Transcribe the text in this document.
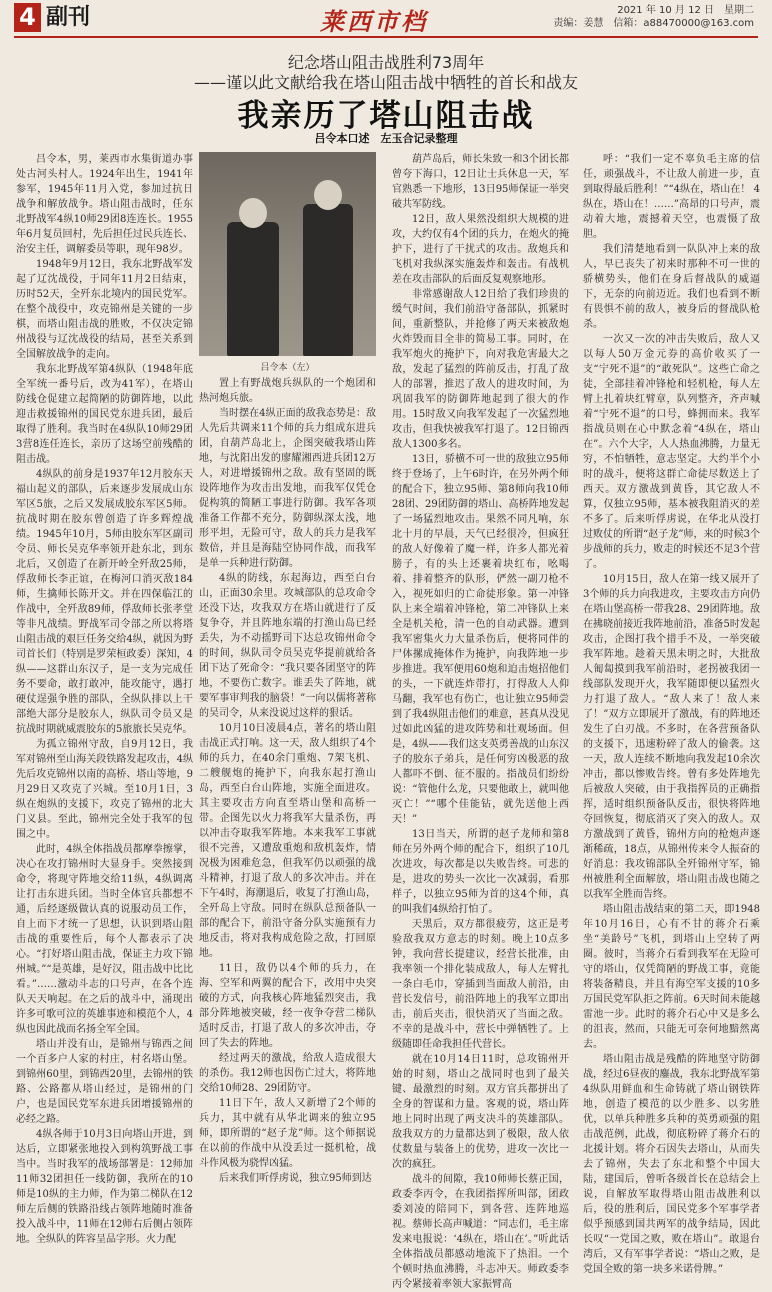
4 副刊	莱西市档	2021 年 10 月 12 日　星期二
责编：姜慧　信箱：a88470000@163.com
纪念塔山阻击战胜利73周年
——谨以此文献给我在塔山阻击战中牺牲的首长和战友
我亲历了塔山阻击战
吕令本口述　左玉合记录整理
吕令本（左）

吕令本，男，莱西市水集街道办事处古河头村人。1924年出生，1941年参军，1945年11月入党，参加过抗日战争和解放战争。塔山阻击战时，任东北野战军4纵10师29团8连连长。1955年6月复员回村，先后担任过民兵连长、治安主任，调解委员等职，现年98岁。

1948年9月12日，我东北野战军发起了辽沈战役，于同年11月2日结束，历时52天，全歼东北境内的国民党军。在整个战役中，攻克锦州是关键的一步棋，而塔山阻击战的胜败，不仅决定锦州战役与辽沈战役的结局，甚至关系到全国解放战争的走向。

我东北野战军第4纵队（1948年底全军统一番号后，改为41军），在塔山防线仓促建立起简陋的防御阵地，以此迎击救援锦州的国民党东进兵团，最后取得了胜利。我当时在4纵队10师29团3营8连任连长，亲历了这场空前残酷的阻击战。

4纵队的前身是1937年12月胶东天福山起义的部队，后来逐步发展成山东军区5旅，之后又发展成胶东军区5师。抗战时期在胶东曾创造了许多辉煌战绩。1945年10月，5师由胶东军区副司令员、师长吴克华率领开赴东北，到东北后，又创造了在新开岭全歼敌25师，俘敌师长李正谊，在梅河口消灭敌184师，生擒师长陈开文。并在四保临江的作战中，全歼敌89师，俘敌师长张孝堂等非凡战绩。野战军司令部之所以将塔山阻击战的艰巨任务交给4纵，就因为野司首长们（特别是罗荣桓政委）深知，4纵——这群山东汉子，是一支为完成任务不要命，敢打敢冲，能攻能守，遇打硬仗逞强争胜的部队，全纵队排以上干部绝大部分是胶东人，纵队司令员又是抗战时期就威震胶东的5旅旅长吴克华。

为孤立锦州守敌，自9月12日，我军对锦州至山海关段铁路发起攻击，4纵先后攻克锦州以南的高桥、塔山等地，9月29日又攻克了兴城。至10月1日，3纵在炮纵的支援下，攻克了锦州的北大门义县。至此，锦州完全处于我军的包围之中。

此时，4纵全体指战员都摩拳擦掌，决心在攻打锦州时大显身手。突然接到命令，将现守阵地交给11纵，4纵调离让打击东进兵团。当时全体官兵都想不通，后经逐级做认真的说服动员工作，自上而下才统一了思想，认识到塔山阻击战的重要性后，每个人都表示了决心。“打好塔山阻击战，保证主力攻下锦州城。”“是英雄，是好汉，阻击战中比比看。”……激动斗志的口号声，在各个连队天天响起。在之后的战斗中，涌现出许多可歌可泣的英雄事迹和模范个人，4纵也因此战而名扬全军全国。

塔山并没有山，是锦州与锦西之间一个百多户人家的村庄，村名塔山堡。到锦州60里，到锦西20里，去锦州的铁路、公路都从塔山经过，是锦州的门户，也是国民党军东进兵团增援锦州的必经之路。

4纵各师于10月3日向塔山开进，到达后，立即紧张地投入到构筑野战工事当中。当时我军的战场部署是：12师加11师32团担任一线防御，我所在的10师是10纵的主力师，作为第二梯队在12师左后侧的铁路沿线占领阵地随时准备投入战斗中，11师在12师右后侧占领阵地。全纵队的阵容呈品字形。火力配

置上有野战炮兵纵队的一个炮团和热河炮兵旅。

当时摆在4纵正面的敌我态势是：敌人先后共调来11个师的兵力组成东进兵团，自葫芦岛北上，企图突破我塔山阵地，与沈阳出发的廖耀湘西进兵团12万人，对进增援锦州之敌。敌有坚固的既设阵地作为攻击出发地，而我军仅凭仓促构筑的简陋工事进行防御。我军各项准备工作都不充分，防御纵深太浅，地形平坦，无险可守，敌人的兵力是我军数倍，并且是海陆空协同作战，而我军是单一兵种进行防御。

4纵的防线，东起海边，西至白台山，正面30余里。攻城部队的总攻命令还没下达，攻我双方在塔山就进行了反复争夺，并且阵地东端的打渔山岛已经丢失，为不动摇野司下达总攻锦州命令的时间，纵队司令员吴克华提前就给各团下达了死命令：“我只要各团坚守的阵地，不要伤亡数字。谁丢失了阵地，就要军事审判我的脑袋！”一向以儒将著称的吴司令，从来没说过这样的狠话。

10月10日凌晨4点，著名的塔山阻击战正式打响。这一天，敌人组织了4个师的兵力，在40余门重炮、7架飞机、二艘舰炮的掩护下，向我东起打渔山岛，西至白台山阵地，实施全面进攻。其主要攻击方向直至塔山堡和高桥一带。企图先以火力将我军大量杀伤，再以冲击夺取我军阵地。本来我军工事就很不完善，又遭敌重炮和敌机轰炸，情况极为困难危急，但我军仍以顽强的战斗精神，打退了敌人的多次冲击。并在下午4时，海潮退后，收复了打渔山岛，全歼岛上守敌。同时在纵队总预备队一部的配合下，前沿守备分队实施预有力地反击，将对我构成危险之敌，打回原地。

11日，敌仍以4个师的兵力，在海、空军和两翼的配合下，改用中央突破的方式，向我核心阵地猛烈突击，我部分阵地被突破，经一夜争夺营二梯队适时反击，打退了敌人的多次冲击，夺回了失去的阵地。

经过两天的激战，给敌人造成很大的杀伤。我12师也因伤亡过大，将阵地交给10师28、29团防守。

11日下午，敌人又新增了2个师的兵力，其中就有从华北调来的独立95师，即所谓的“赵子龙”师。这个师据说在以前的作战中从没丢过一挺机枪，战斗作风极为骁悍凶猛。

后来我们听俘虏说，独立95师到达

葫芦岛后，师长朱致一和3个团长都曾夸下海口，12日让士兵休息一天，军官熟悉一下地形，13日95师保证一举突破共军防线。

12日，敌人果然没组织大规模的进攻，大约仅有4个团的兵力，在炮火的掩护下，进行了干扰式的攻击。敌炮兵和飞机对我纵深实施轰炸和轰击。有战机差在攻击部队的后面反复观察地形。

非常感谢敌人12日给了我们珍贵的缓气时间，我们前沿守备部队，抓紧时间，重新整队，并抢修了两天来被敌炮火炸毁而目全非的简易工事。同时，在我军炮火的掩护下，向对我危害最大之敌，发起了猛烈的阵前反击，打乱了敌人的部署，推迟了敌人的进攻时间，为巩固我军的防御阵地起到了很大的作用。15时敌又向我军发起了一次猛烈地攻击，但我快被我军打退了。12日锦西敌人1300多名。

13日，骄横不可一世的敌独立95师终于登场了，上午6时许，在另外两个师的配合下，独立95师、第8师向我10师28团、29团防御的塔山、高桥阵地发起了一场猛烈地攻击。果然不同凡响，东北十月的早晨，天气已经很冷，但疯狂的敌人好像着了魔一样，许多人都光着膀子，有的头上还裹着块红布，吆喝着、排着整齐的队形，俨然一副刀枪不入，视死如归的亡命徒形象。第一冲锋队上来全端着冲锋枪，第二冲锋队上来全是机关枪，清一色的自动武器。遭到我军密集火力大量杀伤后，便将同伴的尸体摞成掩体作为掩护，向我阵地一步步推进。我军便用60炮和迫击炮招他们的头，一下就连炸带打，打得敌人人仰马翻，我军也有伤亡，也让独立95师尝到了我4纵阻击他们的难意，甚真从没见过如此凶猛的进攻阵势和壮观场面。但是，4纵——我们这支英勇善战的山东汉子的胶东子弟兵，是任何穷凶极恶的敌人都吓不倒、征不服的。指战员们纷纷说：“管他什么龙，只要他敢上，就叫他灭亡！”“哪个佳能钻，就先送他上西天！”

13日当天，所谓的赵子龙师和第8师在另外两个师的配合下，组织了10几次进攻，每次都是以失败告终。可悲的是，进攻的势头一次比一次减弱，看那样子，以独立95师为首的这4个师，真的叫我们4纵给打怕了。

天黑后，双方都很疲劳，这正是考验敌我双方意志的时刻。晚上10点多钟，我向营长提建议，经营长批准，由我率领一个排化装成敌人，每人左臂扎一条白毛巾，穿插到当面敌人前沿，由营长发信号，前沿阵地上的我军立即出击，前后夹击，很快消灭了当面之敌。不幸的是战斗中，营长中弹牺牲了。上级随即任命我担任代营长。

就在10月14日11时，总攻锦州开始的时刻，塔山之战同时也到了最关键、最激烈的时刻。双方官兵都拼出了全身的智谋和力量。客观的说，塔山阵地上同时出现了两支决斗的英雄部队。敌我双方的力量都达到了极限，敌人依仗数量与装备上的优势，进攻一次比一次的疯狂。

战斗的间隙，我10师师长蔡正国，政委李丙令，在我团指挥所叫部，团政委刘凌的陪同下，到各营、连阵地巡视。蔡师长高声喊道：“同志们，毛主席发来电报说：‘4纵在，塔山在’。”听此话全体指战员都感动地流下了热泪。一个个顿时热血沸腾，斗志冲天。师政委李丙令紧接着率领大家振臂高

呼：“我们一定不辜负毛主席的信任，顽强战斗，不让敌人前进一步，直到取得最后胜利！”“4纵在，塔山在！ 4纵在，塔山在！……”高昂的口号声，震动着大地，震撼着天空，也震慑了敌胆。

我们清楚地看到一队队冲上来的敌人，早已丧失了初来时那种不可一世的骄横势头，他们在身后督战队的威逼下，无奈的向前迈近。我们也看到不断有畏惧不前的敌人，被身后的督战队枪杀。

一次又一次的冲击失败后，敌人又以每人50万金元券的高价收买了一支“宁死不退”的“敢死队”。这些亡命之徒，全部挂着冲锋枪和轻机枪，每人左臂上扎着块红臂章，队列整齐，齐声喊着“宁死不退”的口号，蜂拥而来。我军指战员则在心中默念着“4纵在，塔山在”。六个大字，人人热血沸腾，力量无穷，不怕牺牲，意志坚定。大约半个小时的战斗，便将这群亡命徒尽数送上了西天。双方激战到黄昏，其它敌人不算，仅独立95师，基本被我阻消灭的差不多了。后来听俘虏说，在华北从没打过败仗的所谓“赵子龙”师，来的时候3个步战师的兵力，败走的时候还不足3个营了。

10月15日，敌人在第一线又展开了3个师的兵力向我进攻，主要攻击方向仍在塔山堡高桥一带我28、29团阵地。敌在拂晓前接近我阵地前沿，准备5时发起攻击，企图打我个措手不及，一举突破我军阵地。趁着天黑未明之时，大批敌人匍匐摸到我军前沿时，老拐被我团一线部队发现开火，我军随即便以猛烈火力打退了敌人。“敌人来了！敌人来了！”双方立即展开了激战，有的阵地还发生了白刃战。不多时，在各营预备队的支援下，迅速粉碎了敌人的偷袭。这一天，敌人连续不断地向我发起10余次冲击，都以惨败告终。曾有多处阵地先后被敌人突破，由于我指挥员的正确指挥，适时组织预备队反击，很快将阵地夺回恢复，彻底消灭了突入的敌人。双方激战到了黄昏，锦州方向的枪炮声逐渐稀疏，18点，从锦州传来令人振奋的好消息：我攻锦部队全歼锦州守军，锦州被胜利全面解放，塔山阻击战也随之以我军全胜而告终。

塔山阻击战结束的第二天，即1948年10月16日，心有不甘的蒋介石乘坐“美龄号”飞机，到塔山上空转了两圈。彼时，当蒋介石看到我军在无险可守的塔山，仅凭简陋的野战工事，竟能将装备精良，并且有海空军支援的10多万国民党军队拒之阵前。6天时间未能越雷池一步。此时的蒋介石心中又是多么的沮丧，然而，只能无可奈何地黯然离去。

塔山阻击战是残酷的阵地坚守防御战，经过6昼夜的鏖战，我东北野战军第4纵队用鲜血和生命铸就了塔山钢铁阵地，创造了模范的以少胜多、以劣胜优，以单兵种胜多兵种的英勇顽强的阻击战范例，此战，彻底粉碎了蒋介石的北援计划。将介石因失去塔山，从而失去了锦州，失去了东北和整个中国大陆，建国后，曾听各级首长在总结会上说，自解放军取得塔山阻击战胜利以后，役的胜利后，国民党多个军事学者似乎预感到国共两军的战争结局，因此长叹“一党国之败，败在塔山”。敢退台湾后，又有军事学者说：“塔山之败，是党国全败的第一块多米诺骨牌。”
